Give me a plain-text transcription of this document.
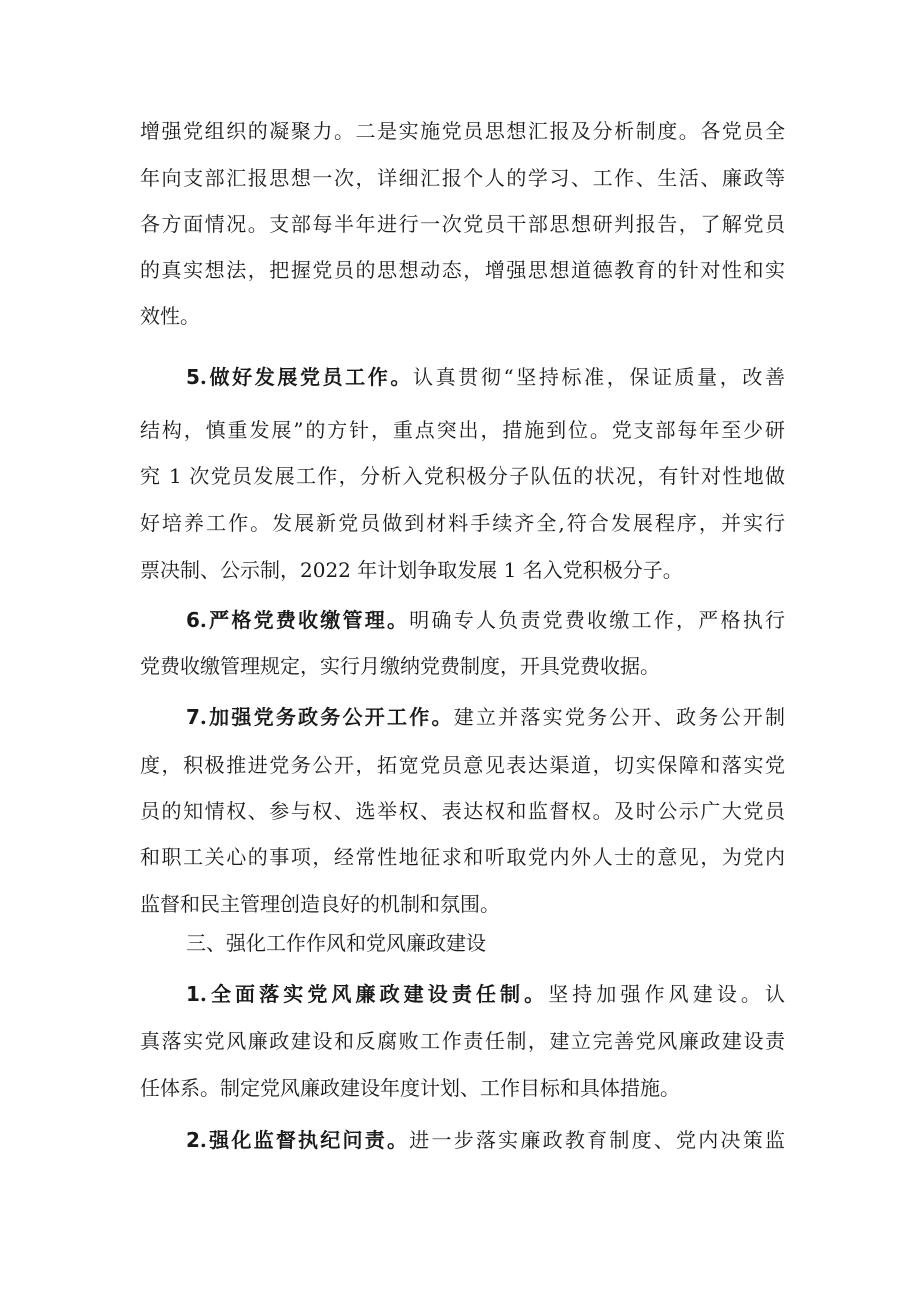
增强党组织的凝聚力。二是实施党员思想汇报及分析制度。各党员全
年向支部汇报思想一次，详细汇报个人的学习、工作、生活、廉政等
各方面情况。支部每半年进行一次党员干部思想研判报告，了解党员
的真实想法，把握党员的思想动态，增强思想道德教育的针对性和实
效性。
5.做好发展党员工作。认真贯彻“坚持标准，保证质量，改善
结构，慎重发展”的方针，重点突出，措施到位。党支部每年至少研
究 1 次党员发展工作，分析入党积极分子队伍的状况，有针对性地做
好培养工作。发展新党员做到材料手续齐全,符合发展程序，并实行
票决制、公示制，2022 年计划争取发展 1 名入党积极分子。
6.严格党费收缴管理。明确专人负责党费收缴工作，严格执行
党费收缴管理规定，实行月缴纳党费制度，开具党费收据。
7.加强党务政务公开工作。建立并落实党务公开、政务公开制
度，积极推进党务公开，拓宽党员意见表达渠道，切实保障和落实党
员的知情权、参与权、选举权、表达权和监督权。及时公示广大党员
和职工关心的事项，经常性地征求和听取党内外人士的意见，为党内
监督和民主管理创造良好的机制和氛围。
三、强化工作作风和党风廉政建设
1.全面落实党风廉政建设责任制。坚持加强作风建设。认
真落实党风廉政建设和反腐败工作责任制，建立完善党风廉政建设责
任体系。制定党风廉政建设年度计划、工作目标和具体措施。
2.强化监督执纪问责。进一步落实廉政教育制度、党内决策监
